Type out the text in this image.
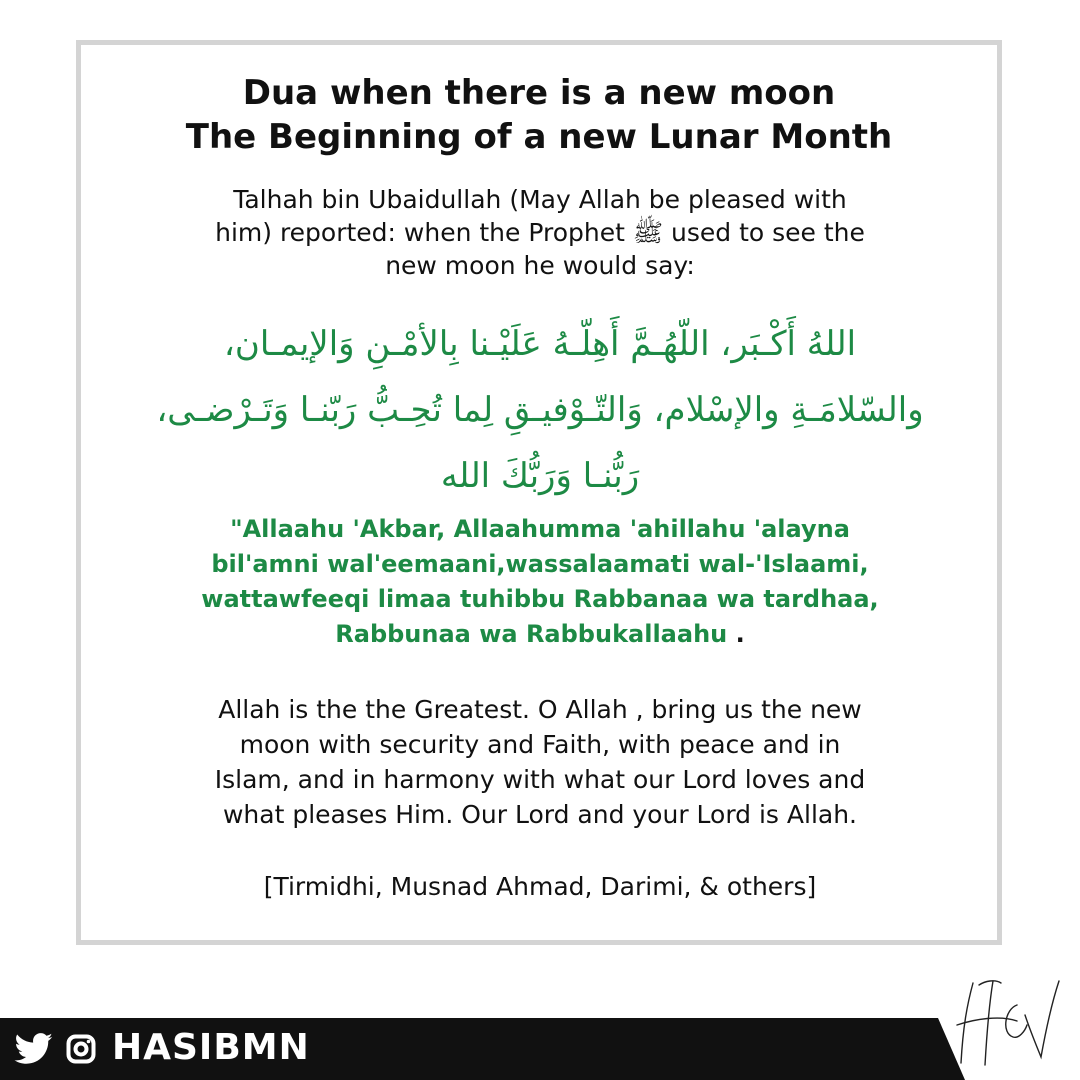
Dua when there is a new moon
The Beginning of a new Lunar Month
Talhah bin Ubaidullah (May Allah be pleased with
him) reported: when the Prophet ﷺ used to see the
new moon he would say:
اللهُ أَكْـبَر، اللّهُـمَّ أَهِلّـهُ عَلَيْـنا بِالأمْـنِ وَالإيمـان،
والسّلامَـةِ والإسْلام، وَالتّـوْفيـقِ لِما تُحِـبُّ رَبّنـا وَتَـرْضـى،
رَبُّنـا وَرَبُّكَ الله
"Allaahu 'Akbar, Allaahumma 'ahillahu 'alayna
bil'amni wal'eemaani,wassalaamati wal-'Islaami,
wattawfeeqi limaa tuhibbu Rabbanaa wa tardhaa,
Rabbunaa wa Rabbukallaahu .
Allah is the the Greatest. O Allah , bring us the new
moon with security and Faith, with peace and in
Islam, and in harmony with what our Lord loves and
what pleases Him. Our Lord and your Lord is Allah.
[Tirmidhi, Musnad Ahmad, Darimi, & others]
HASIBMN
